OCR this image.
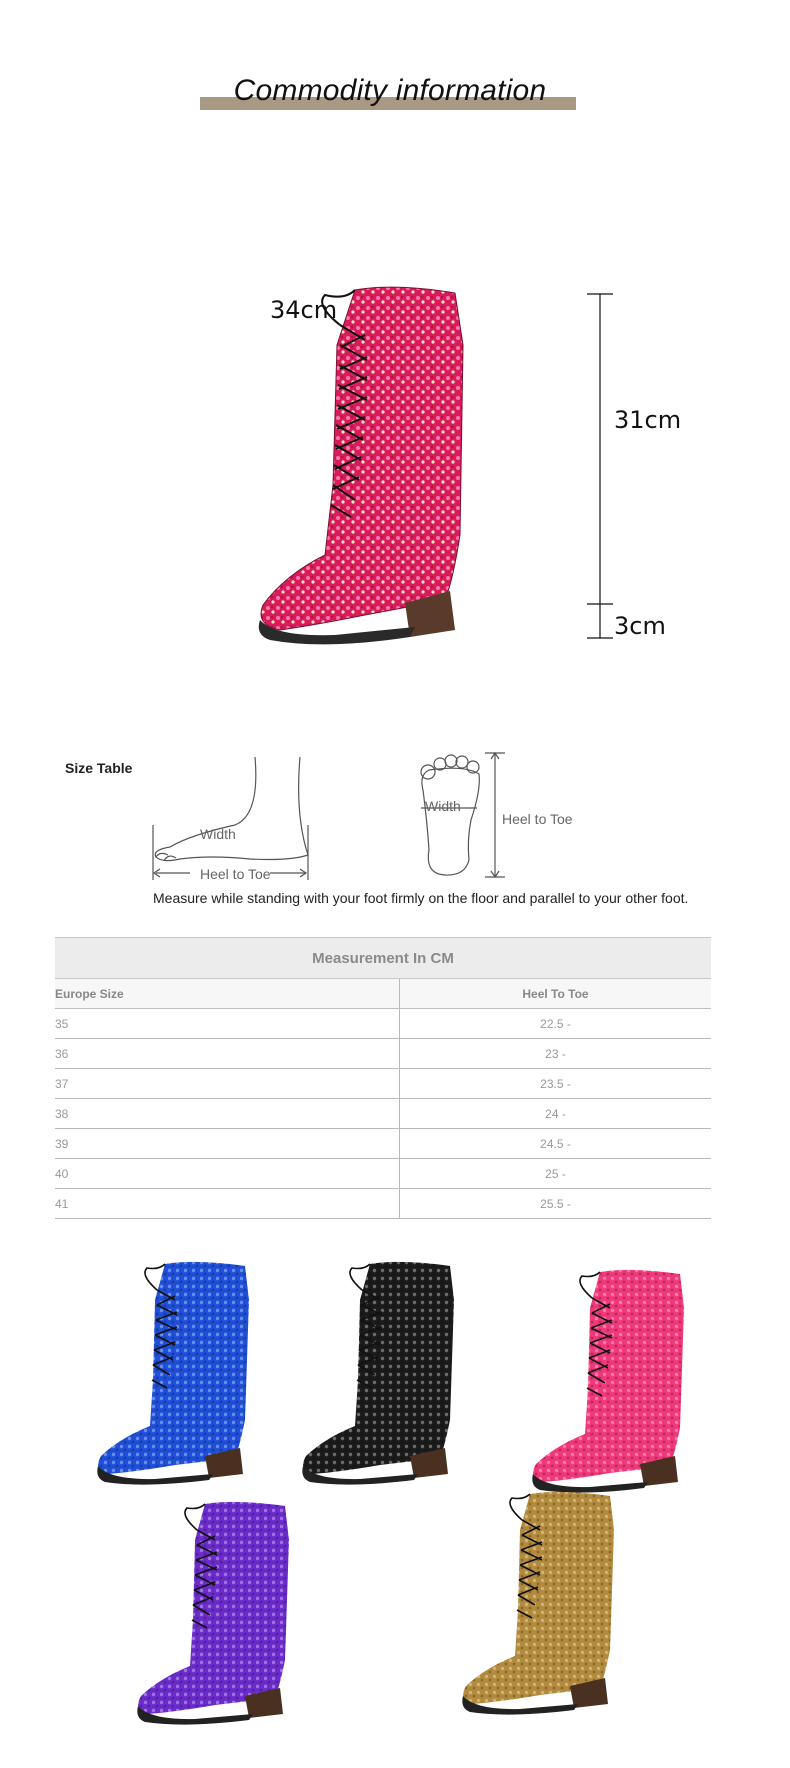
Commodity information
34cm
31cm
3cm
Size Table
Width
Heel to Toe
Width
Heel to Toe
Measure while standing with your foot firmly on the floor and parallel to your other foot.
Measurement In CM	
Europe Size	Heel To Toe
35	22.5 -
36	23 -
37	23.5 -
38	24 -
39	24.5 -
40	25 -
41	25.5 -
